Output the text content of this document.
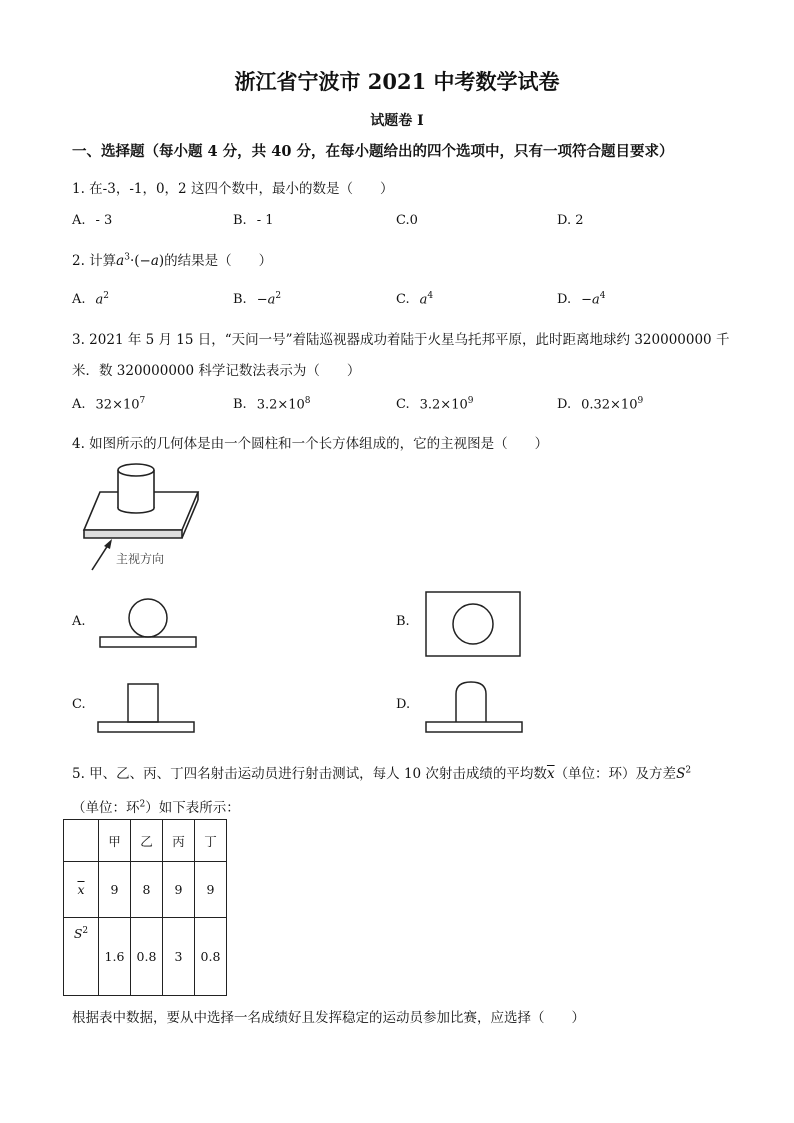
浙江省宁波市 2021 中考数学试卷
试题卷 I
一、选择题（每小题 4 分，共 40 分，在每小题给出的四个选项中，只有一项符合题目要求）
1. 在-3，-1，0，2 这四个数中，最小的数是（　　）
A. - 3	B. - 1	C.0	D. 2
2. 计算$a^3\cdot(-a)$的结果是（　　）
A. $a^2$	B. $-a^2$	C. $a^4$	D. $-a^4$
3. 2021 年 5 月 15 日，“天问一号”着陆巡视器成功着陆于火星乌托邦平原，此时距离地球约 320000000 千
米．数 320000000 科学记数法表示为（　　）
A. $32\times 10^7$	B. $3.2\times 10^8$	C. $3.2\times 10^9$	D. $0.32\times 10^9$
4. 如图所示的几何体是由一个圆柱和一个长方体组成的，它的主视图是（　　）
主视方向
A.	B.
C.	D.
5. 甲、乙、丙、丁四名射击运动员进行射击测试，每人 10 次射击成绩的平均数$\overline{x}$（单位：环）及方差$S^2$
（单位：环$^2$）如下表所示：
	甲	乙	丙	丁
$\overline{x}$	9	8	9	9
$S^2$	1.6	0.8	3	0.8
根据表中数据，要从中选择一名成绩好且发挥稳定的运动员参加比赛，应选择（　　）
